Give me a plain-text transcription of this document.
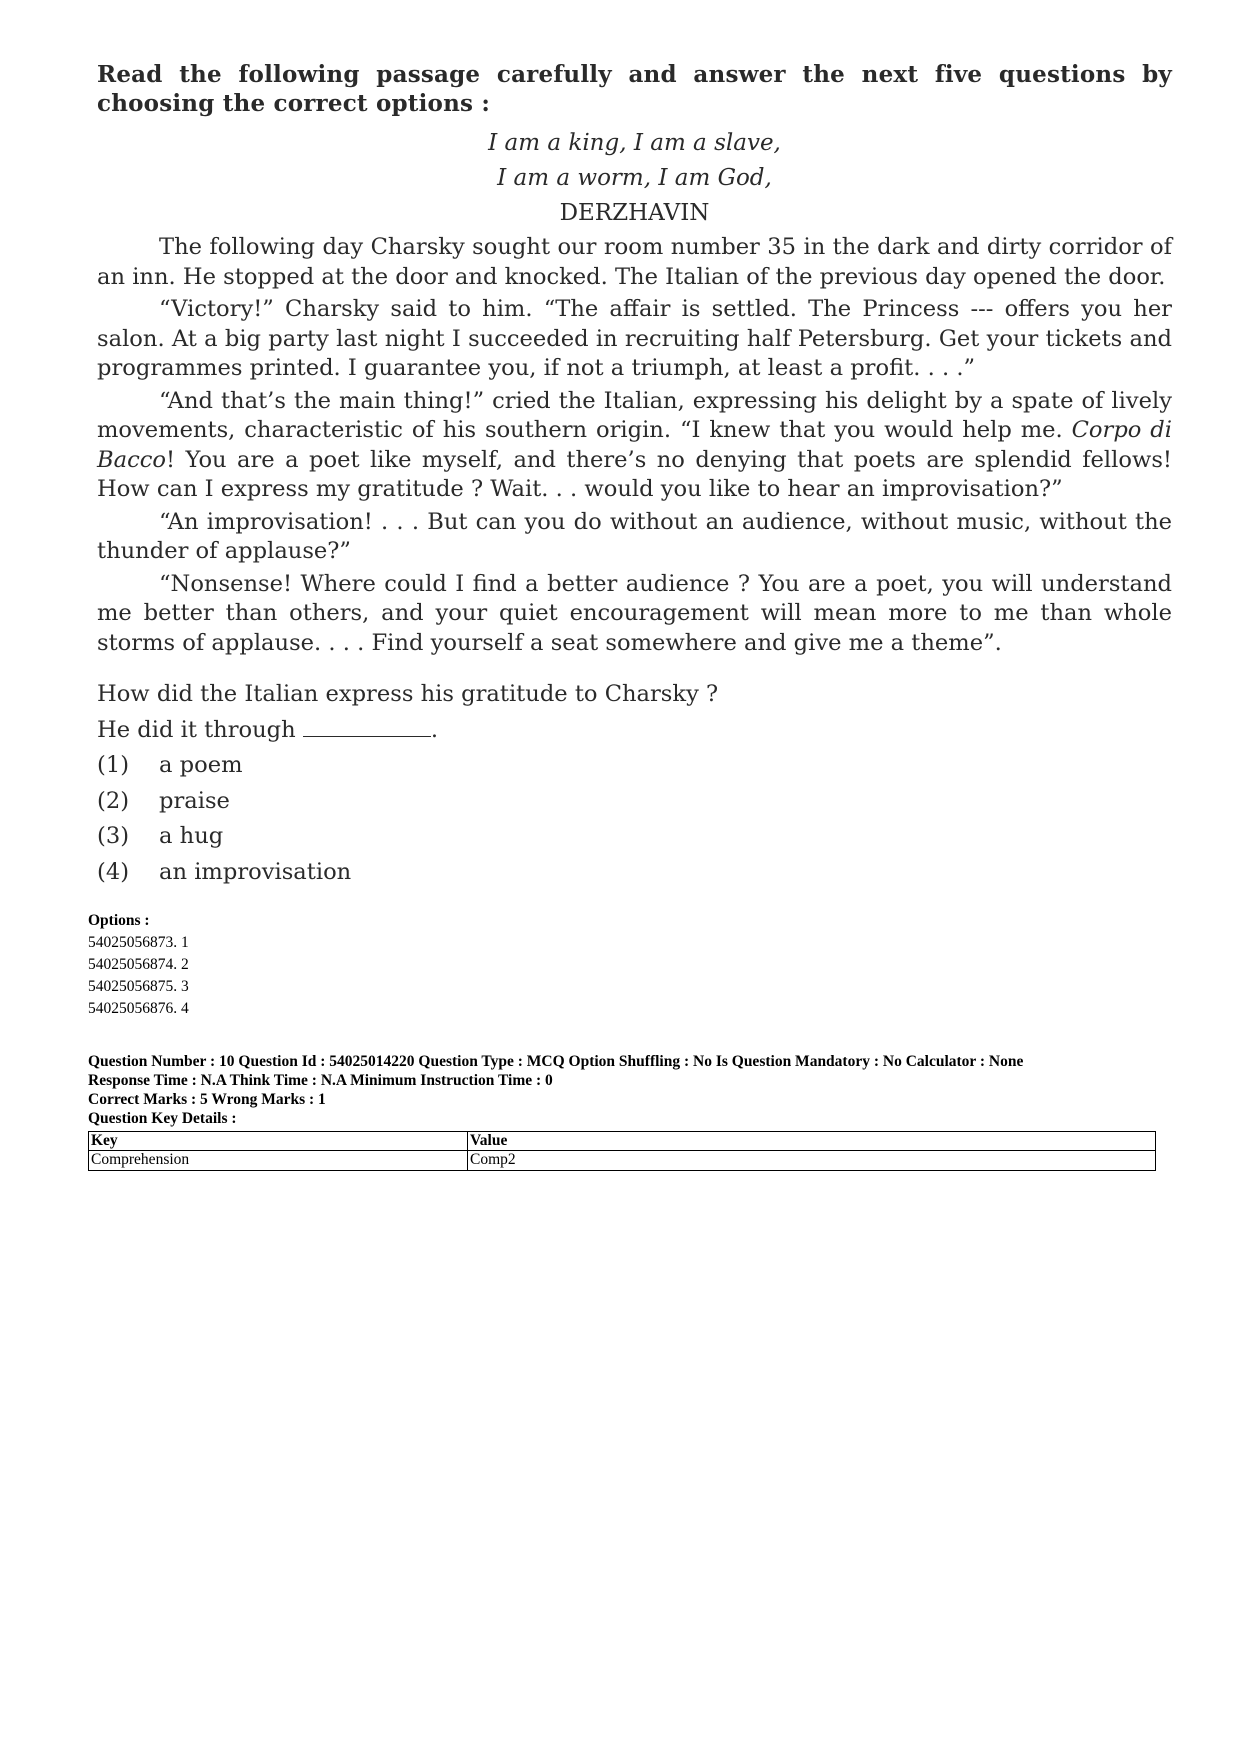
Read the following passage carefully and answer the next five questions by choosing the correct options :

I am a king, I am a slave,

I am a worm, I am God,

DERZHAVIN

The following day Charsky sought our room number 35 in the dark and dirty corridor of an inn. He stopped at the door and knocked. The Italian of the previous day opened the door.

“Victory!” Charsky said to him. “The affair is settled. The Princess --- offers you her salon. At a big party last night I succeeded in recruiting half Petersburg. Get your tickets and programmes printed. I guarantee you, if not a triumph, at least a profit. . . .”

“And that’s the main thing!” cried the Italian, expressing his delight by a spate of lively movements, characteristic of his southern origin. “I knew that you would help me. Corpo di Bacco! You are a poet like myself, and there’s no denying that poets are splendid fellows! How can I express my gratitude ? Wait. . . would you like to hear an improvisation?”

“An improvisation! . . . But can you do without an audience, without music, without the thunder of applause?”

“Nonsense! Where could I find a better audience ? You are a poet, you will understand me better than others, and your quiet encouragement will mean more to me than whole storms of applause. . . . Find yourself a seat somewhere and give me a theme”.

How did the Italian express his gratitude to Charsky ?

He did it through	.

(1)	a poem
(2)	praise
(3)	a hug
(4)	an improvisation

Options :

54025056873. 1

54025056874. 2

54025056875. 3

54025056876. 4

Question Number : 10 Question Id : 54025014220 Question Type : MCQ Option Shuffling : No Is Question Mandatory : No Calculator : None

Response Time : N.A Think Time : N.A Minimum Instruction Time : 0

Correct Marks : 5 Wrong Marks : 1

Question Key Details :

Key	Value
Comprehension	Comp2
